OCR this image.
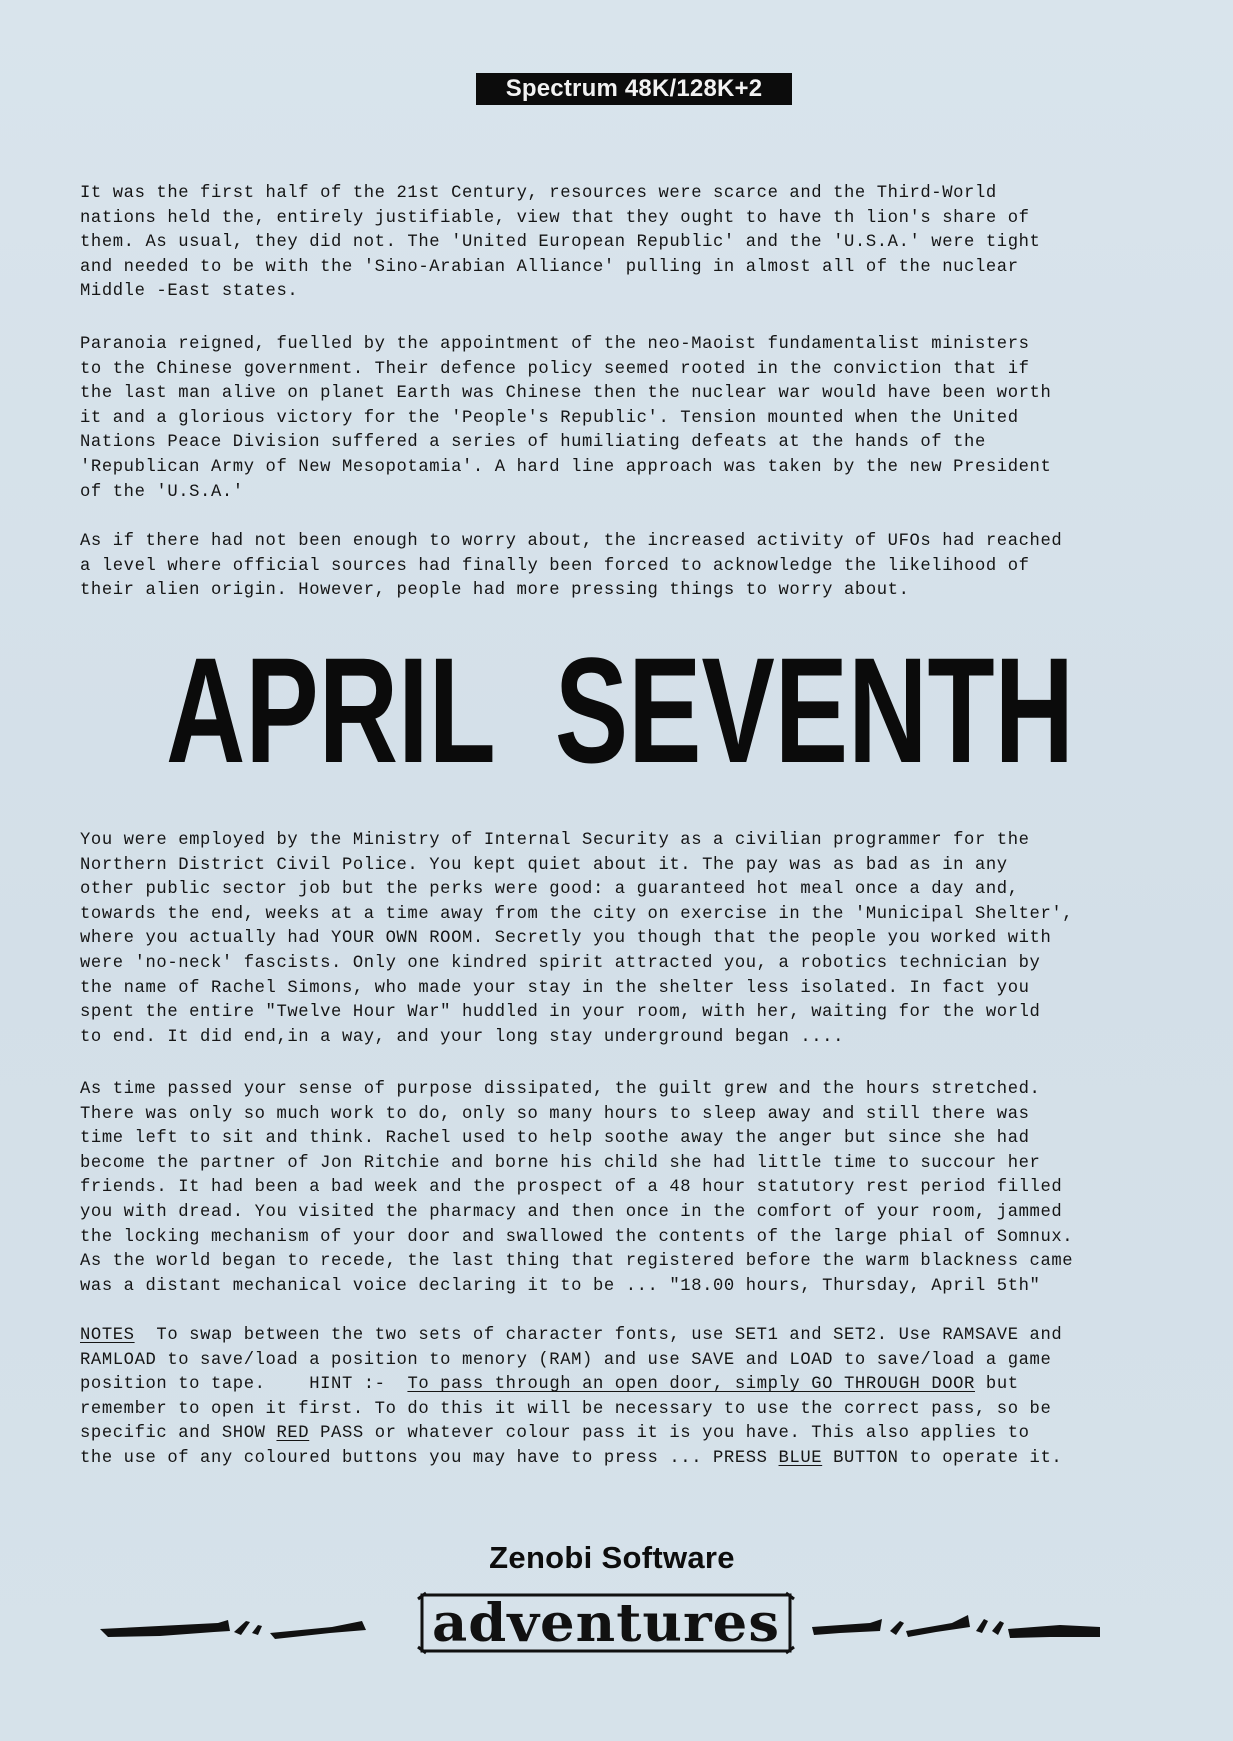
Spectrum 48K/128K+2
It was the first half of the 21st Century, resources were scarce and the Third-World
nations held the, entirely justifiable, view that they ought to have th lion's share of
them. As usual, they did not. The 'United European Republic' and the 'U.S.A.' were tight
and needed to be with the 'Sino-Arabian Alliance' pulling in almost all of the nuclear
Middle -East states.
Paranoia reigned, fuelled by the appointment of the neo-Maoist fundamentalist ministers
to the Chinese government. Their defence policy seemed rooted in the conviction that if
the last man alive on planet Earth was Chinese then the nuclear war would have been worth
it and a glorious victory for the 'People's Republic'. Tension mounted when the United
Nations Peace Division suffered a series of humiliating defeats at the hands of the
'Republican Army of New Mesopotamia'. A hard line approach was taken by the new President
of the 'U.S.A.'
As if there had not been enough to worry about, the increased activity of UFOs had reached
a level where official sources had finally been forced to acknowledge the likelihood of
their alien origin. However, people had more pressing things to worry about.
APRIL  SEVENTH
You were employed by the Ministry of Internal Security as a civilian programmer for the
Northern District Civil Police. You kept quiet about it. The pay was as bad as in any
other public sector job but the perks were good: a guaranteed hot meal once a day and,
towards the end, weeks at a time away from the city on exercise in the 'Municipal Shelter',
where you actually had YOUR OWN ROOM. Secretly you though that the people you worked with
were 'no-neck' fascists. Only one kindred spirit attracted you, a robotics technician by
the name of Rachel Simons, who made your stay in the shelter less isolated. In fact you
spent the entire "Twelve Hour War" huddled in your room, with her, waiting for the world
to end. It did end,in a way, and your long stay underground began ....
As time passed your sense of purpose dissipated, the guilt grew and the hours stretched.
There was only so much work to do, only so many hours to sleep away and still there was
time left to sit and think. Rachel used to help soothe away the anger but since she had
become the partner of Jon Ritchie and borne his child she had little time to succour her
friends. It had been a bad week and the prospect of a 48 hour statutory rest period filled
you with dread. You visited the pharmacy and then once in the comfort of your room, jammed
the locking mechanism of your door and swallowed the contents of the large phial of Somnux.
As the world began to recede, the last thing that registered before the warm blackness came
was a distant mechanical voice declaring it to be ... "18.00 hours, Thursday, April 5th"
NOTES  To swap between the two sets of character fonts, use SET1 and SET2. Use RAMSAVE and
RAMLOAD to save/load a position to menory (RAM) and use SAVE and LOAD to save/load a game
position to tape.    HINT :-  To pass through an open door, simply GO THROUGH DOOR but
remember to open it first. To do this it will be necessary to use the correct pass, so be
specific and SHOW RED PASS or whatever colour pass it is you have. This also applies to
the use of any coloured buttons you may have to press ... PRESS BLUE BUTTON to operate it.
Zenobi Software
adventures
